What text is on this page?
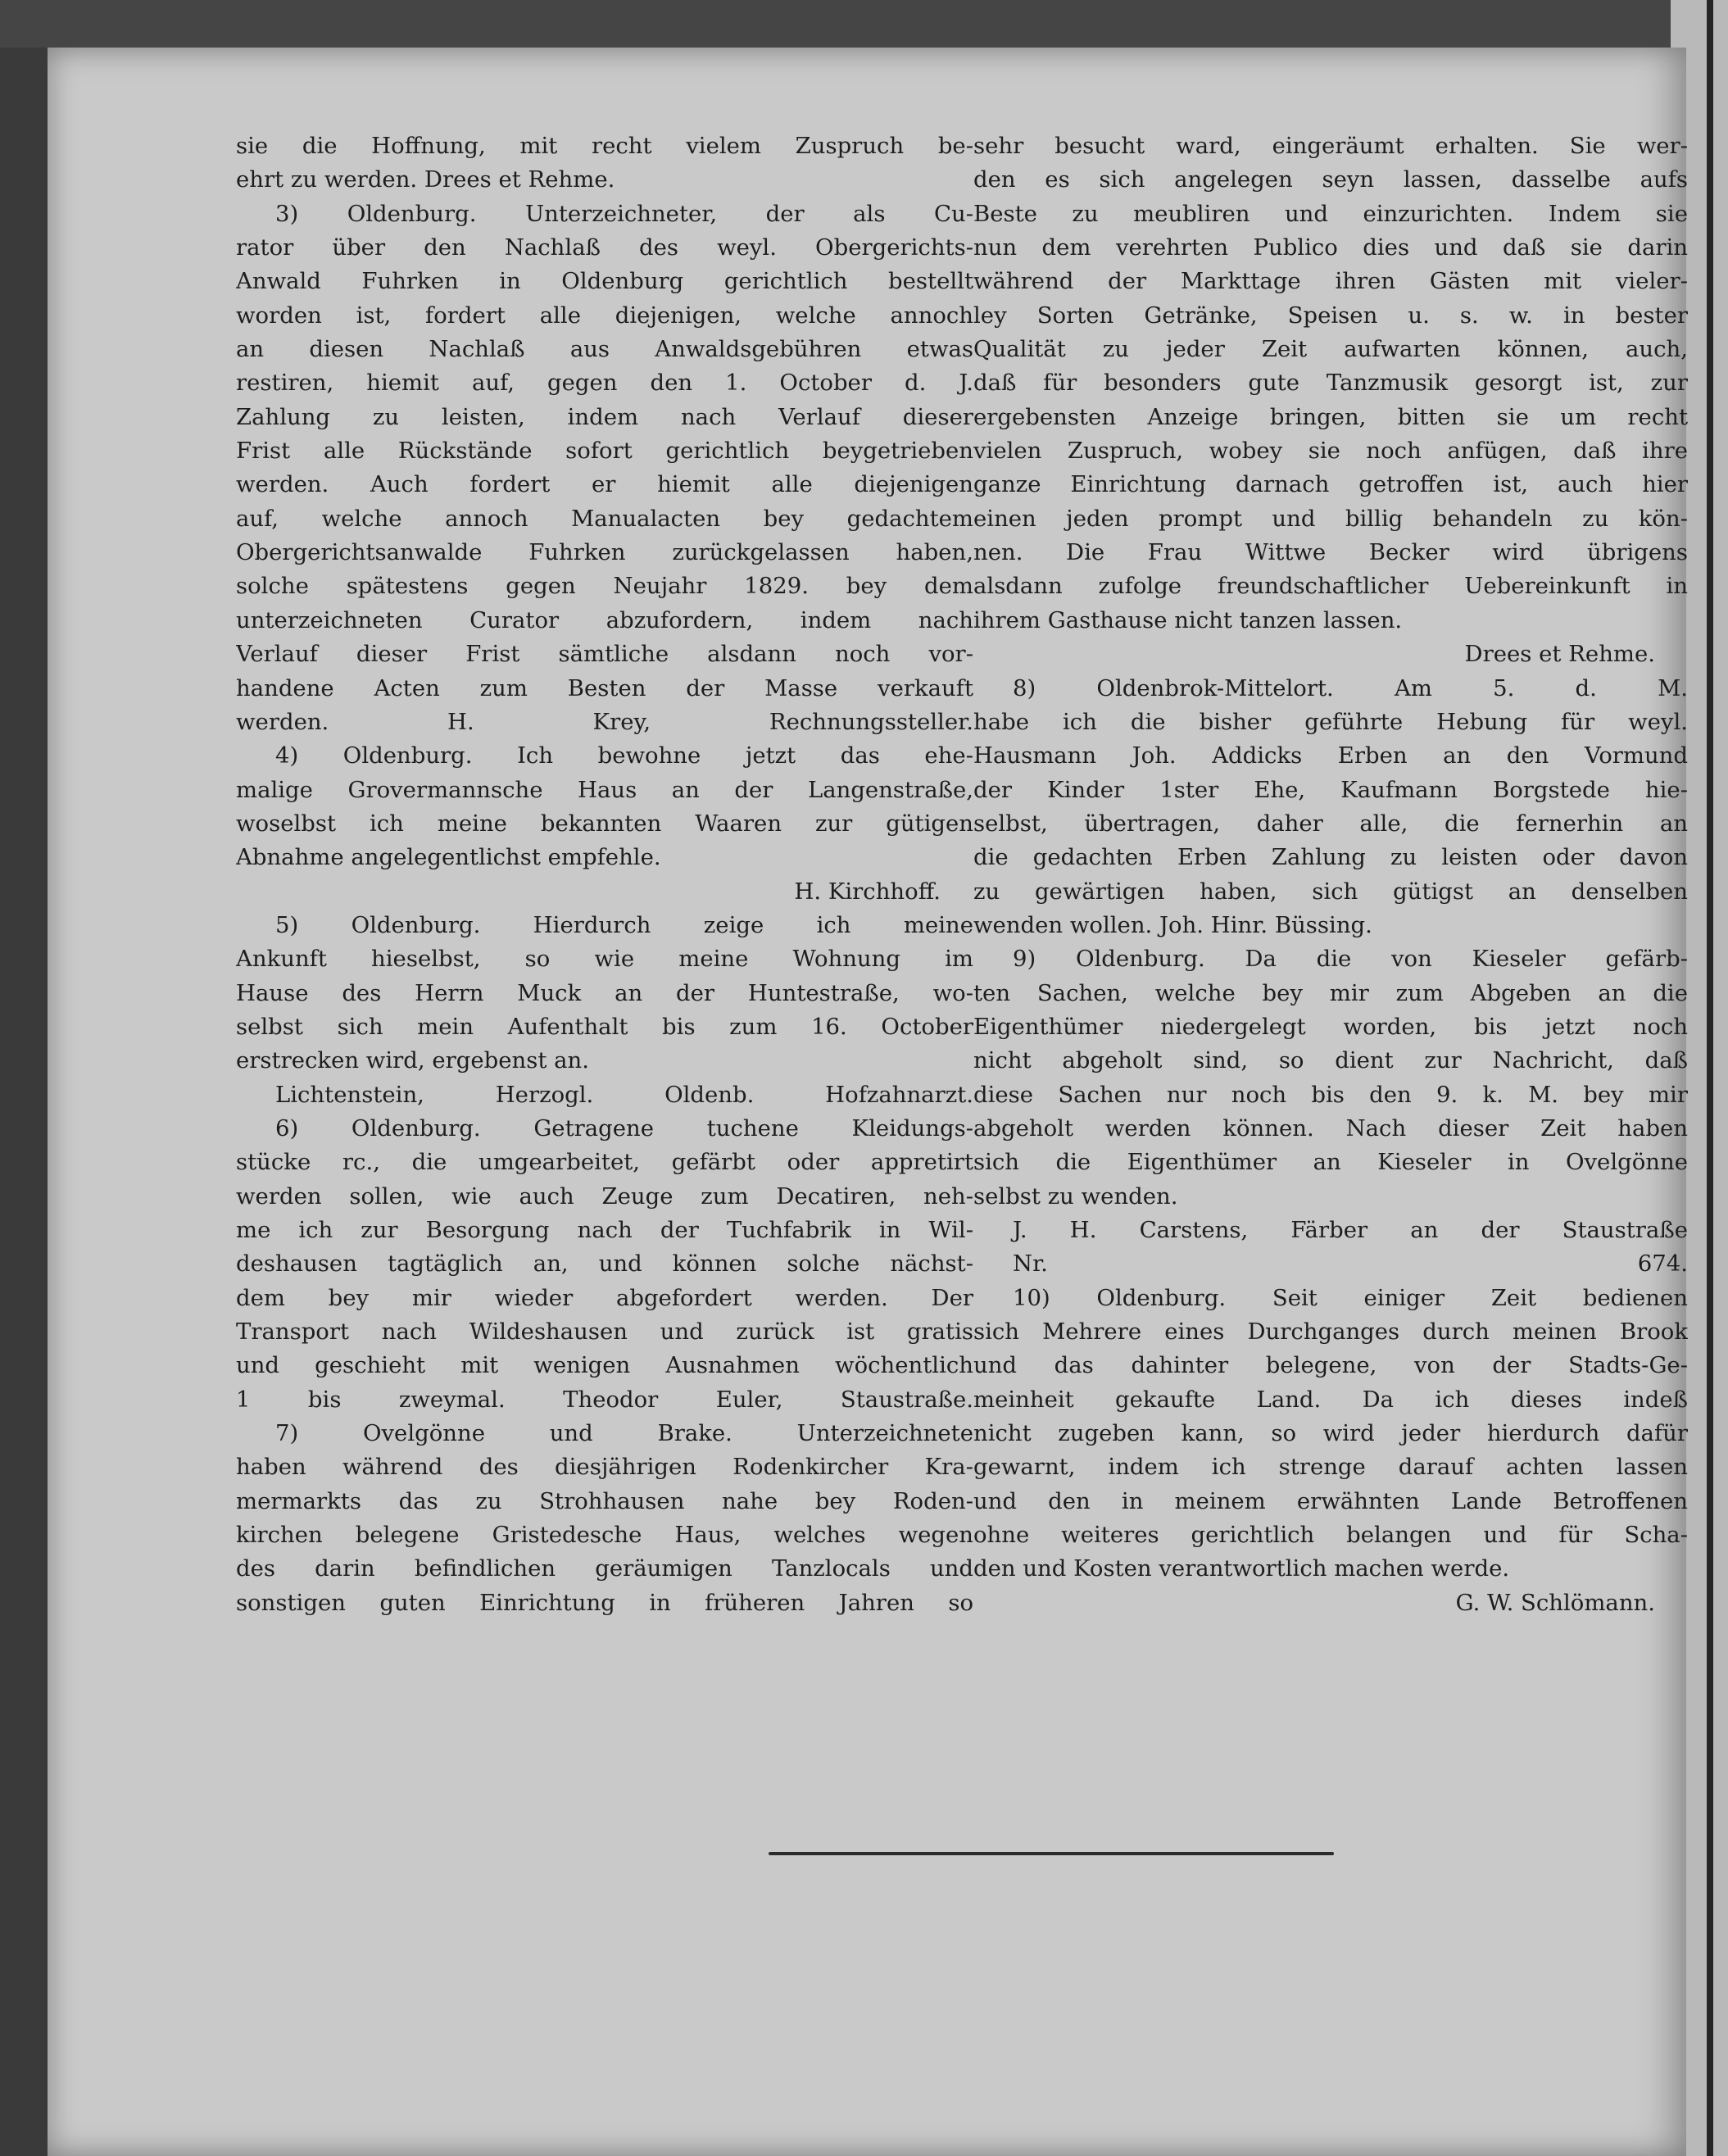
sie die Hoffnung, mit recht vielem Zuspruch be-
ehrt zu werden. Drees et Rehme.
3) Oldenburg. Unterzeichneter, der als Cu-
rator über den Nachlaß des weyl. Obergerichts-
Anwald Fuhrken in Oldenburg gerichtlich bestellt
worden ist, fordert alle diejenigen, welche annoch
an diesen Nachlaß aus Anwaldsgebühren etwas
restiren, hiemit auf, gegen den 1. October d. J.
Zahlung zu leisten, indem nach Verlauf dieser
Frist alle Rückstände sofort gerichtlich beygetrieben
werden. Auch fordert er hiemit alle diejenigen
auf, welche annoch Manualacten bey gedachtem
Obergerichtsanwalde Fuhrken zurückgelassen haben,
solche spätestens gegen Neujahr 1829. bey dem
unterzeichneten Curator abzufordern, indem nach
Verlauf dieser Frist sämtliche alsdann noch vor-
handene Acten zum Besten der Masse verkauft
werden. H. Krey, Rechnungssteller.
4) Oldenburg. Ich bewohne jetzt das ehe-
malige Grovermannsche Haus an der Langenstraße,
woselbst ich meine bekannten Waaren zur gütigen
Abnahme angelegentlichst empfehle.
H. Kirchhoff.
5) Oldenburg. Hierdurch zeige ich meine
Ankunft hieselbst, so wie meine Wohnung im
Hause des Herrn Muck an der Huntestraße, wo-
selbst sich mein Aufenthalt bis zum 16. October
erstrecken wird, ergebenst an.
Lichtenstein, Herzogl. Oldenb. Hofzahnarzt.
6) Oldenburg. Getragene tuchene Kleidungs-
stücke rc., die umgearbeitet, gefärbt oder appretirt
werden sollen, wie auch Zeuge zum Decatiren, neh-
me ich zur Besorgung nach der Tuchfabrik in Wil-
deshausen tagtäglich an, und können solche nächst-
dem bey mir wieder abgefordert werden. Der
Transport nach Wildeshausen und zurück ist gratis
und geschieht mit wenigen Ausnahmen wöchentlich
1 bis zweymal. Theodor Euler, Staustraße.
7) Ovelgönne und Brake. Unterzeichnete
haben während des diesjährigen Rodenkircher Kra-
mermarkts das zu Strohhausen nahe bey Roden-
kirchen belegene Gristedesche Haus, welches wegen
des darin befindlichen geräumigen Tanzlocals und
sonstigen guten Einrichtung in früheren Jahren so
sehr besucht ward, eingeräumt erhalten. Sie wer-
den es sich angelegen seyn lassen, dasselbe aufs
Beste zu meubliren und einzurichten. Indem sie
nun dem verehrten Publico dies und daß sie darin
während der Markttage ihren Gästen mit vieler-
ley Sorten Getränke, Speisen u. s. w. in bester
Qualität zu jeder Zeit aufwarten können, auch,
daß für besonders gute Tanzmusik gesorgt ist, zur
ergebensten Anzeige bringen, bitten sie um recht
vielen Zuspruch, wobey sie noch anfügen, daß ihre
ganze Einrichtung darnach getroffen ist, auch hier
einen jeden prompt und billig behandeln zu kön-
nen. Die Frau Wittwe Becker wird übrigens
alsdann zufolge freundschaftlicher Uebereinkunft in
ihrem Gasthause nicht tanzen lassen.
Drees et Rehme.
8) Oldenbrok-Mittelort. Am 5. d. M.
habe ich die bisher geführte Hebung für weyl.
Hausmann Joh. Addicks Erben an den Vormund
der Kinder 1ster Ehe, Kaufmann Borgstede hie-
selbst, übertragen, daher alle, die fernerhin an
die gedachten Erben Zahlung zu leisten oder davon
zu gewärtigen haben, sich gütigst an denselben
wenden wollen. Joh. Hinr. Büssing.
9) Oldenburg. Da die von Kieseler gefärb-
ten Sachen, welche bey mir zum Abgeben an die
Eigenthümer niedergelegt worden, bis jetzt noch
nicht abgeholt sind, so dient zur Nachricht, daß
diese Sachen nur noch bis den 9. k. M. bey mir
abgeholt werden können. Nach dieser Zeit haben
sich die Eigenthümer an Kieseler in Ovelgönne
selbst zu wenden.
J. H. Carstens, Färber an der Staustraße
Nr. 674.
10) Oldenburg. Seit einiger Zeit bedienen
sich Mehrere eines Durchganges durch meinen Brook
und das dahinter belegene, von der Stadts-Ge-
meinheit gekaufte Land. Da ich dieses indeß
nicht zugeben kann, so wird jeder hierdurch dafür
gewarnt, indem ich strenge darauf achten lassen
und den in meinem erwähnten Lande Betroffenen
ohne weiteres gerichtlich belangen und für Scha-
den und Kosten verantwortlich machen werde.
G. W. Schlömann.
